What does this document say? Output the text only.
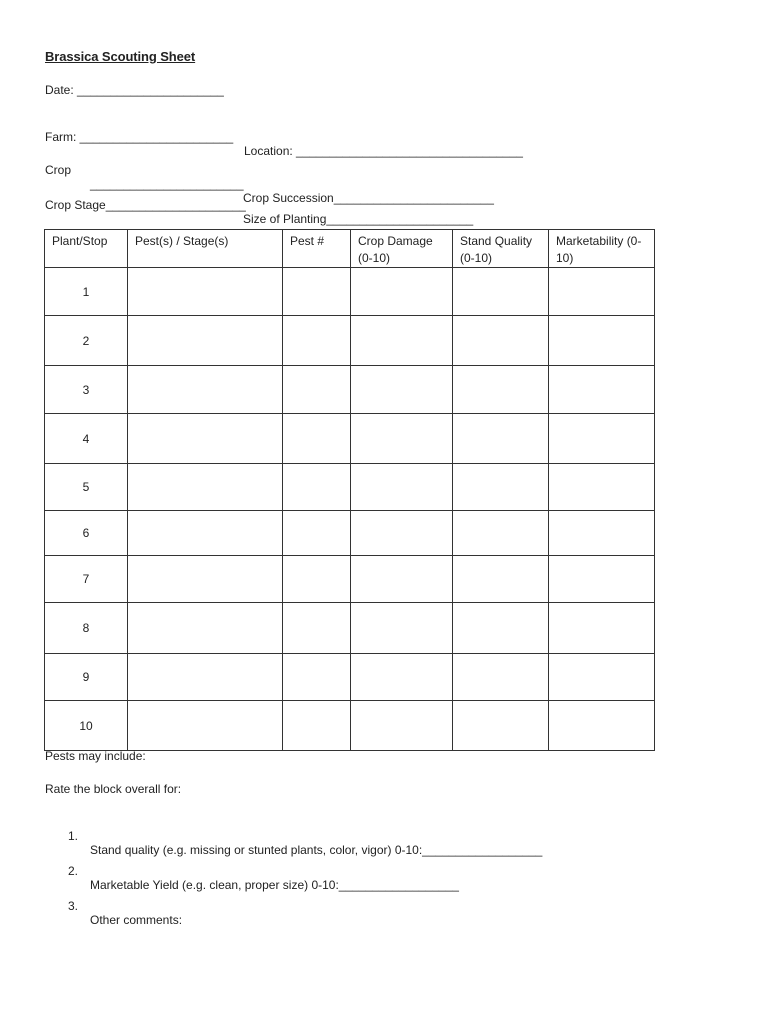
Brassica Scouting Sheet
Date: ______________________

Farm: _______________________

Location: __________________________________

Crop

_______________________

Crop Succession________________________

Crop Stage_____________________

Size of Planting______________________

Plant/Stop	Pest(s) / Stage(s)	Pest #	Crop Damage (0-10)	Stand Quality (0-10)	Marketability (0-10)
1					
2					
3					
4					
5					
6					
7					
8					
9					
10					
Pests may include:
Rate the block overall for:

1.

Stand quality (e.g. missing or stunted plants, color, vigor) 0-10:__________________

2.

Marketable Yield (e.g. clean, proper size) 0-10:__________________

3.

Other comments:
